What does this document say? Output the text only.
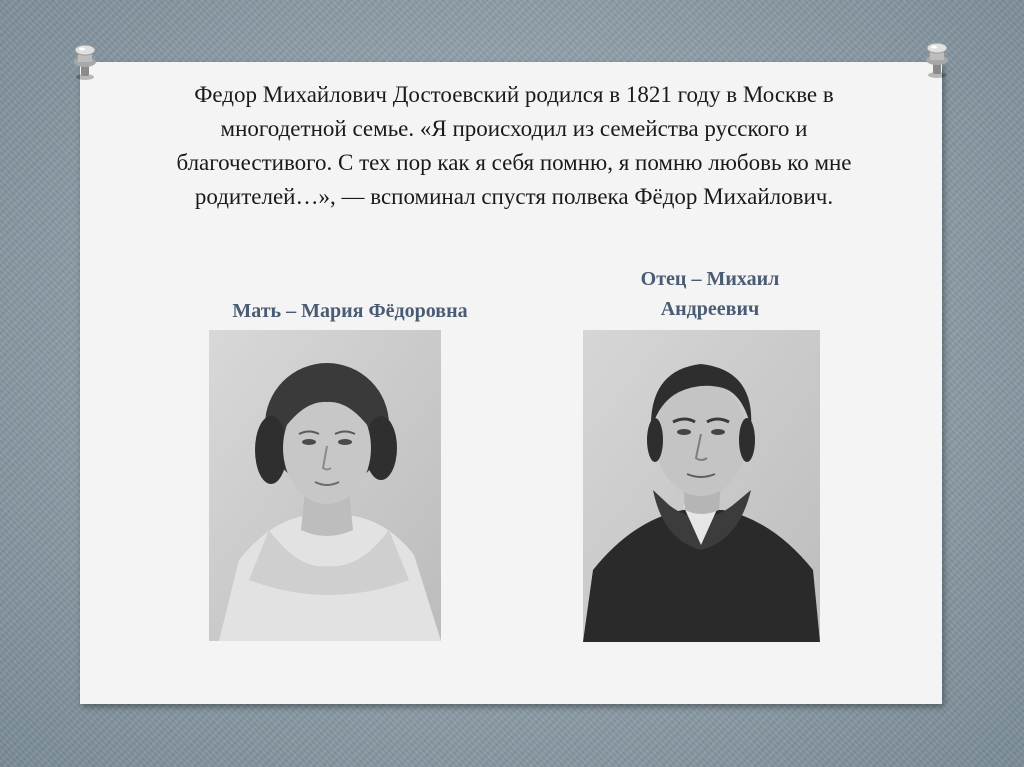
Федор Михайлович Достоевский родился в 1821 году в Москве в многодетной семье. «Я происходил из семейства русского и благочестивого. С тех пор как я себя помню, я помню любовь ко мне родителей…», — вспоминал спустя полвека Фёдор Михайлович.

Мать – Мария Фёдоровна

Отец – Михаил Андреевич
